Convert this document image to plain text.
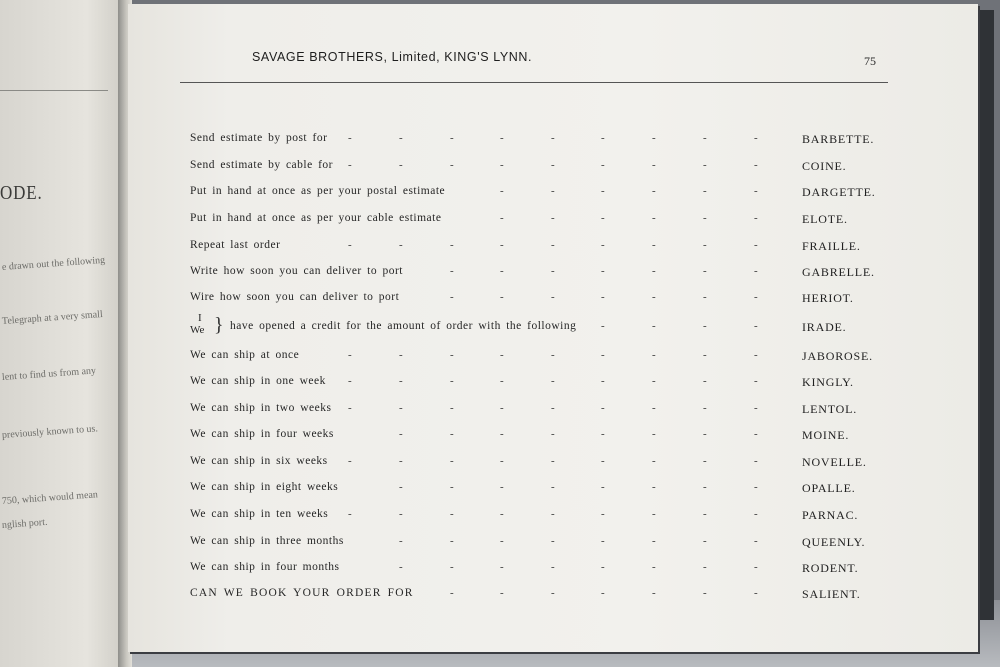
ODE.
e drawn out the following
Telegraph at a very small
lent to find us from any
previously known to us.
750, which would mean
nglish port.
SAVAGE BROTHERS, Limited, KING'S LYNN.	75
Send estimate by post for -	-	-	-	-	-	-	-	-	BARBETTE.
Send estimate by cable for -	-	-	-	-	-	-	-	-	COINE.
Put in hand at once as per your postal estimate	-	-	-	-	-	-	DARGETTE.
Put in hand at once as per your cable estimate	-	-	-	-	-	-	ELOTE.
Repeat last order	-	-	-	-	-	-	-	-	-	FRAILLE.
Write how soon you can deliver to port	-	-	-	-	-	-	-	GABRELLE.
Wire how soon you can deliver to port	-	-	-	-	-	-	-	HERIOT.
I
We } have opened a credit for the amount of order with the following -	-	-	-	IRADE.
We can ship at once	-	-	-	-	-	-	-	-	-	JABOROSE.
We can ship in one week -	-	-	-	-	-	-	-	-	KINGLY.
We can ship in two weeks -	-	-	-	-	-	-	-	-	LENTOL.
We can ship in four weeks	-	-	-	-	-	-	-	-	MOINE.
We can ship in six weeks -	-	-	-	-	-	-	-	-	NOVELLE.
We can ship in eight weeks	-	-	-	-	-	-	-	-	OPALLE.
We can ship in ten weeks -	-	-	-	-	-	-	-	-	PARNAC.
We can ship in three months	-	-	-	-	-	-	-	-	QUEENLY.
We can ship in four months	-	-	-	-	-	-	-	-	RODENT.
CAN WE BOOK YOUR ORDER FOR	-	-	-	-	-	-	-	SALIENT.
